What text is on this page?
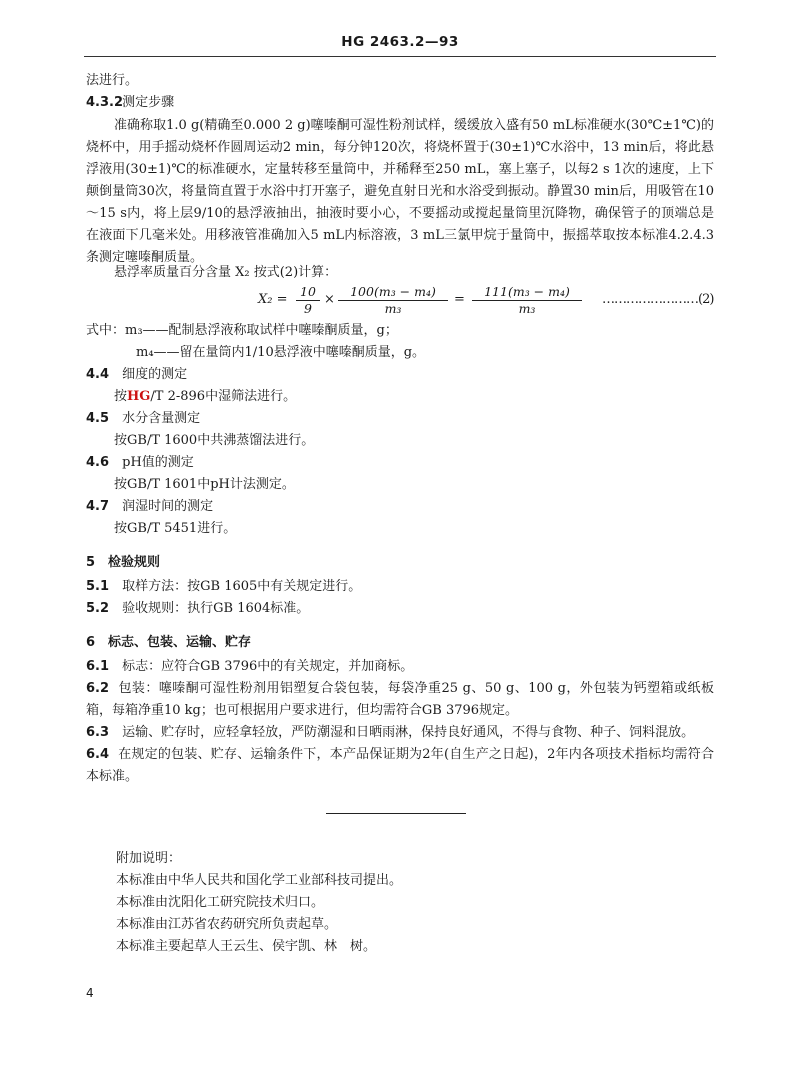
HG 2463.2—93
法进行。
4.3.2 测定步骤
准确称取1.0 g(精确至0.000 2 g)噻嗪酮可湿性粉剂试样，缓缓放入盛有50 mL标准硬水(30℃±1℃)的烧杯中，用手摇动烧杯作圆周运动2 min，每分钟120次，将烧杯置于(30±1)℃水浴中，13 min后，将此悬浮液用(30±1)℃的标准硬水，定量转移至量筒中，并稀释至250 mL，塞上塞子，以每2 s 1次的速度，上下颠倒量筒30次，将量筒直置于水浴中打开塞子，避免直射日光和水浴受到振动。静置30 min后，用吸管在10～15 s内，将上层9/10的悬浮液抽出，抽液时要小心，不要摇动或搅起量筒里沉降物，确保管子的顶端总是在液面下几毫米处。用移液管准确加入5 mL内标溶液，3 mL三氯甲烷于量筒中，振摇萃取按本标准4.2.4.3条测定噻嗪酮质量。
悬浮率质量百分含量 X₂ 按式(2)计算：
$X_2 = \frac{10}{9} \times \frac{\text{100(m₃ − m₄)}}{\text{m₃}} = \frac{\text{111(m₃ − m₄)}}{\text{m₃}}$ ……………………(2)
式中：m₃——配制悬浮液称取试样中噻嗪酮质量，g；
m₄——留在量筒内1/10悬浮液中噻嗪酮质量，g。
4.4 细度的测定
按HG/T 2-896中湿筛法进行。
4.5 水分含量测定
按GB/T 1600中共沸蒸馏法进行。
4.6 pH值的测定
按GB/T 1601中pH计法测定。
4.7 润湿时间的测定
按GB/T 5451进行。
5 检验规则
5.1 取样方法：按GB 1605中有关规定进行。
5.2 验收规则：执行GB 1604标准。
6 标志、包装、运输、贮存
6.1 标志：应符合GB 3796中的有关规定，并加商标。
6.2 包装：噻嗪酮可湿性粉剂用铝塑复合袋包装，每袋净重25 g、50 g、100 g，外包装为钙塑箱或纸板箱，每箱净重10 kg；也可根据用户要求进行，但均需符合GB 3796规定。
6.3 运输、贮存时，应轻拿轻放，严防潮湿和日晒雨淋，保持良好通风，不得与食物、种子、饲料混放。
6.4 在规定的包装、贮存、运输条件下，本产品保证期为2年(自生产之日起)，2年内各项技术指标均需符合本标准。
附加说明：
本标准由中华人民共和国化学工业部科技司提出。
本标准由沈阳化工研究院技术归口。
本标准由江苏省农药研究所负责起草。
本标准主要起草人王云生、侯宇凯、林　树。
4
